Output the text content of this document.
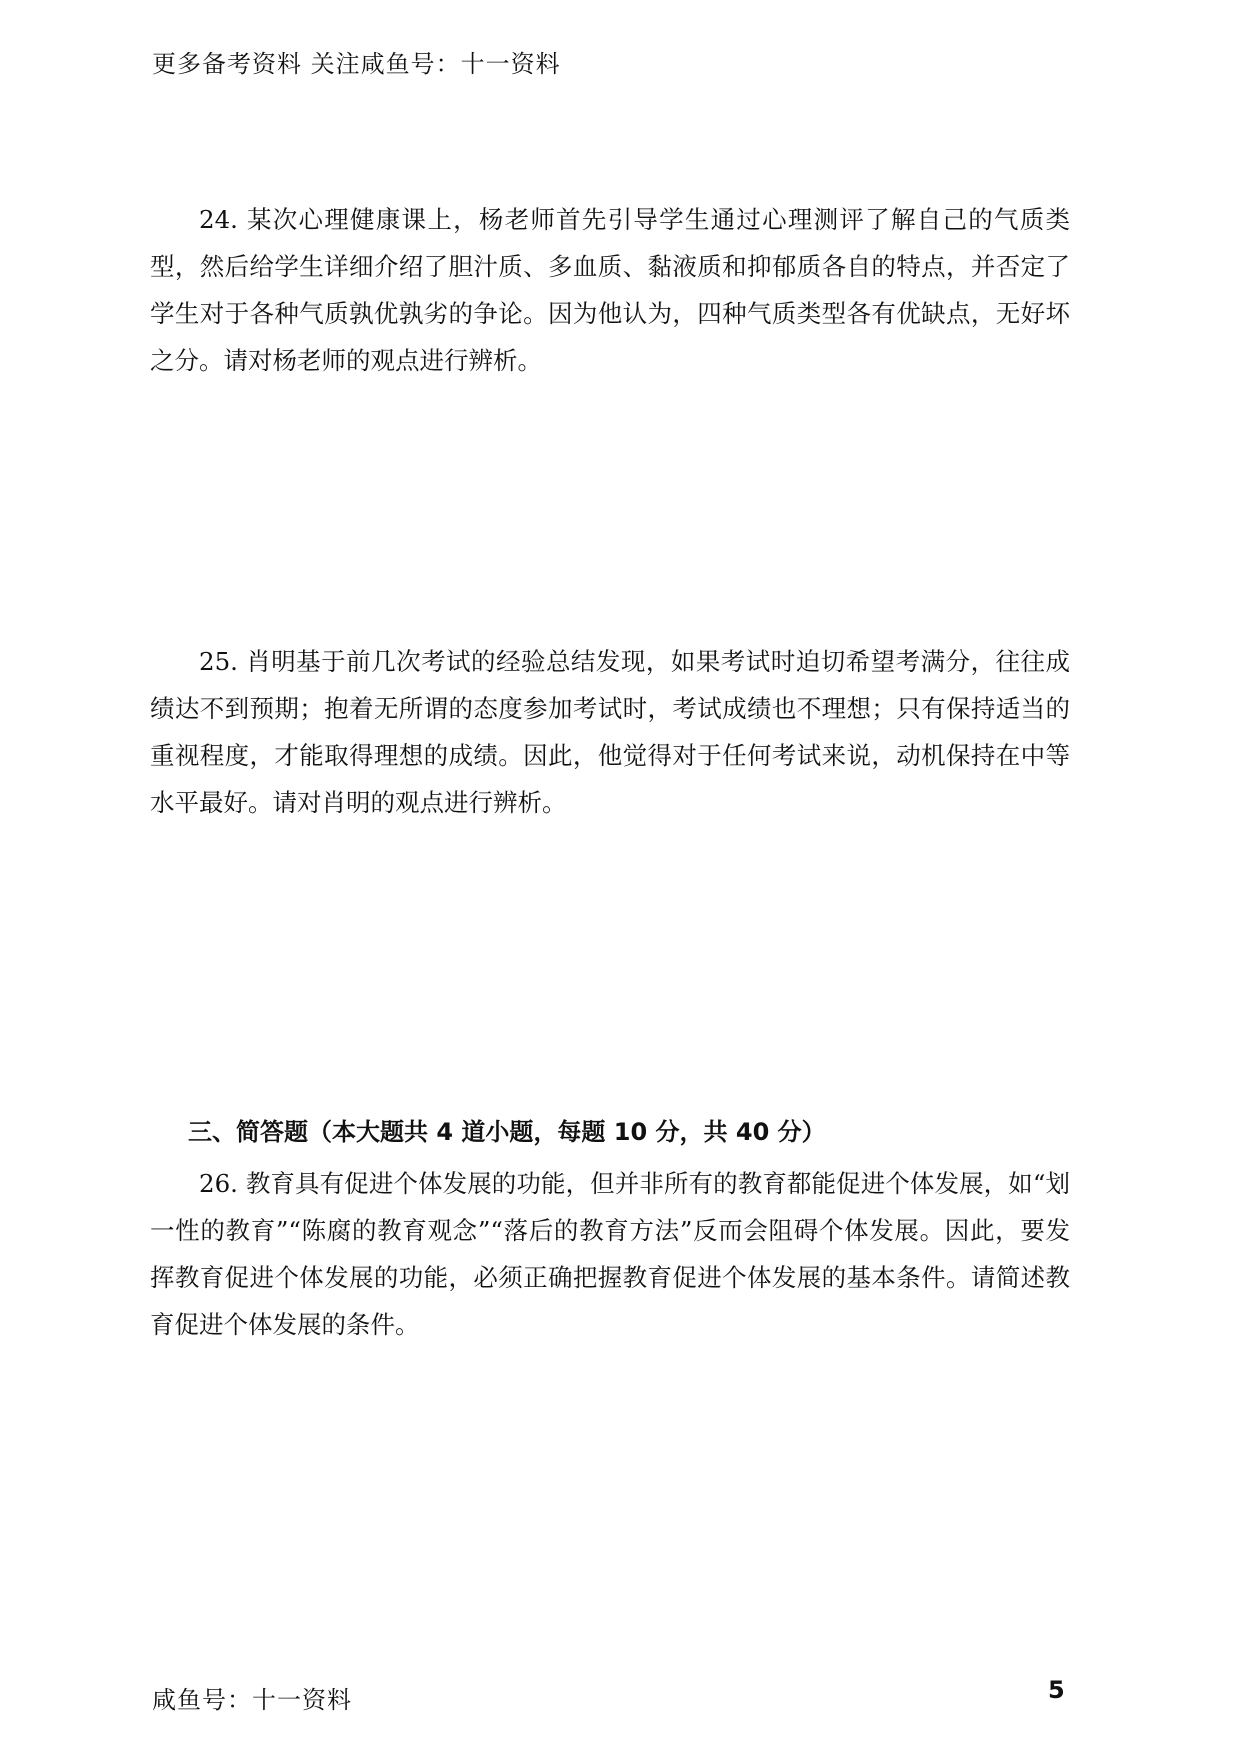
更多备考资料 关注咸鱼号：十一资料

24. 某次心理健康课上，杨老师首先引导学生通过心理测评了解自己的气质类型，然后给学生详细介绍了胆汁质、多血质、黏液质和抑郁质各自的特点，并否定了学生对于各种气质孰优孰劣的争论。因为他认为，四种气质类型各有优缺点，无好坏之分。请对杨老师的观点进行辨析。

25. 肖明基于前几次考试的经验总结发现，如果考试时迫切希望考满分，往往成绩达不到预期；抱着无所谓的态度参加考试时，考试成绩也不理想；只有保持适当的重视程度，才能取得理想的成绩。因此，他觉得对于任何考试来说，动机保持在中等水平最好。请对肖明的观点进行辨析。

三、简答题（本大题共 4 道小题，每题 10 分，共 40 分）

26. 教育具有促进个体发展的功能，但并非所有的教育都能促进个体发展，如“划一性的教育”“陈腐的教育观念”“落后的教育方法”反而会阻碍个体发展。因此，要发挥教育促进个体发展的功能，必须正确把握教育促进个体发展的基本条件。请简述教育促进个体发展的条件。

咸鱼号：十一资料	5
